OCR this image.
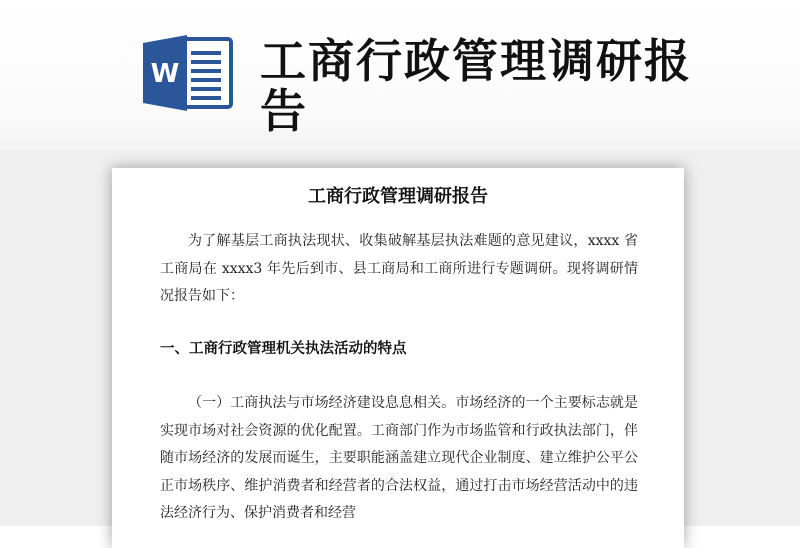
W 工商行政管理调研报告
工商行政管理调研报告

为了解基层工商执法现状、收集破解基层执法难题的意见建议，xxxx 省工商局在 xxxx3 年先后到市、县工商局和工商所进行专题调研。现将调研情况报告如下：

一、工商行政管理机关执法活动的特点

（一）工商执法与市场经济建设息息相关。市场经济的一个主要标志就是实现市场对社会资源的优化配置。工商部门作为市场监管和行政执法部门，伴随市场经济的发展而诞生，主要职能涵盖建立现代企业制度、建立维护公平公正市场秩序、维护消费者和经营者的合法权益，通过打击市场经营活动中的违法经济行为、保护消费者和经营
